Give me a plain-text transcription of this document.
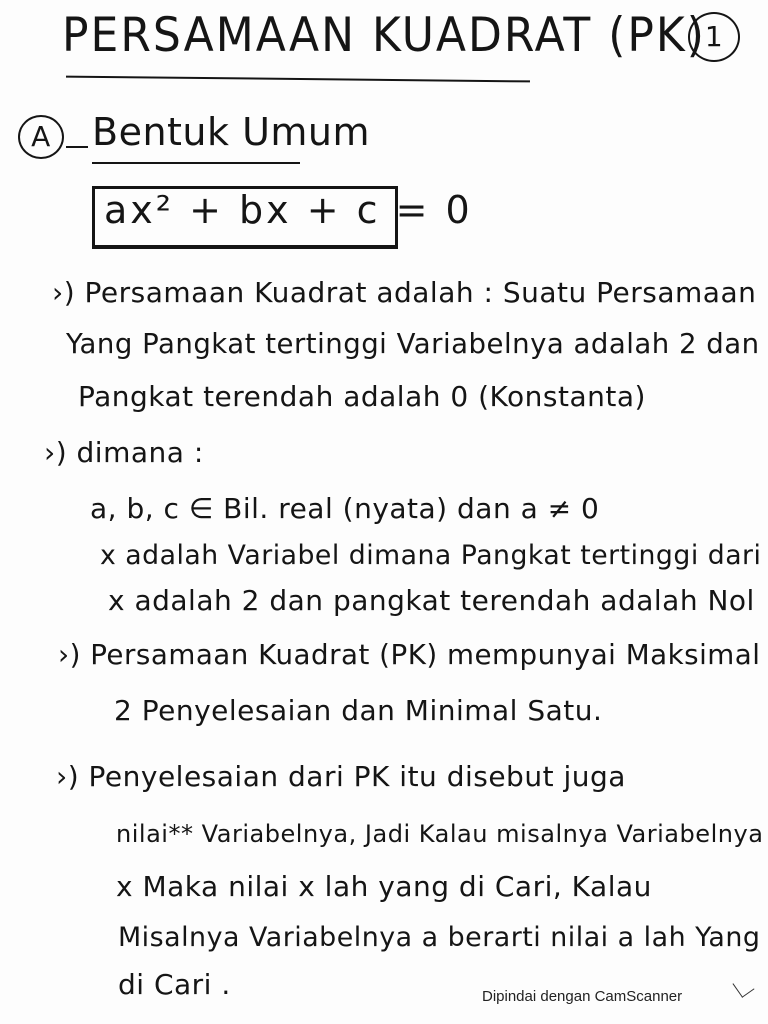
PERSAMAAN KUADRAT (PK)
1
A	Bentuk Umum
ax² + bx + c = 0
›) Persamaan Kuadrat adalah : Suatu Persamaan
Yang Pangkat tertinggi Variabelnya adalah 2 dan
Pangkat terendah adalah 0 (Konstanta)
›) dimana :
a, b, c ∈ Bil. real (nyata) dan a ≠ 0
x adalah Variabel dimana Pangkat tertinggi dari
x adalah 2 dan pangkat terendah adalah Nol
›) Persamaan Kuadrat (PK) mempunyai Maksimal
2 Penyelesaian dan Minimal Satu.
›) Penyelesaian dari PK itu disebut juga
nilai** Variabelnya, Jadi Kalau misalnya Variabelnya
x Maka nilai x lah yang di Cari, Kalau
Misalnya Variabelnya a berarti nilai a lah Yang
di Cari .	Dipindai dengan CamScanner
